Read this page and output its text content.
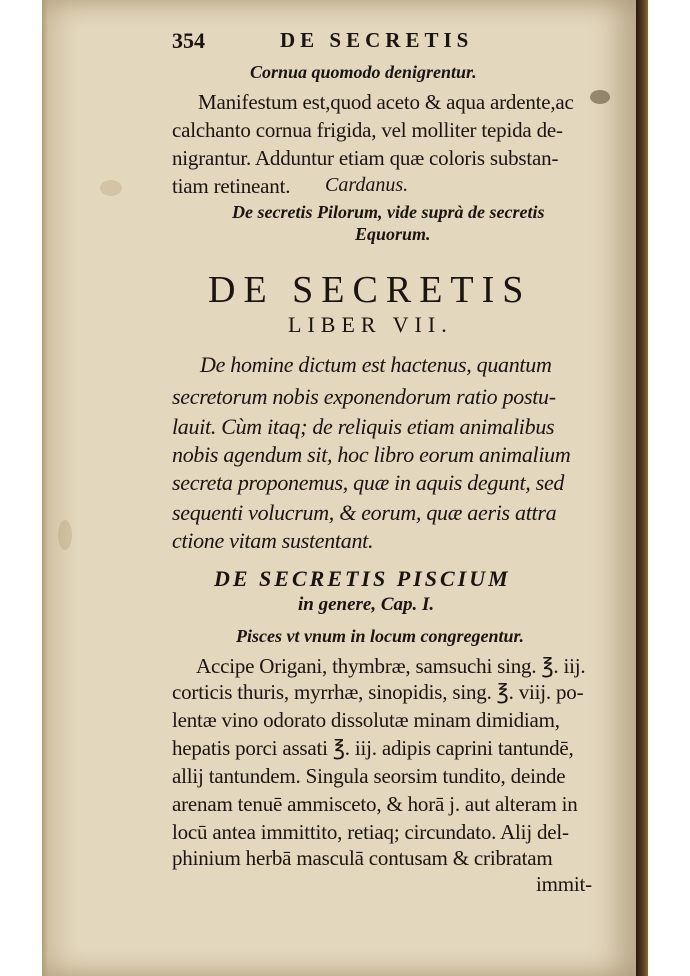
354	DE SECRETIS
Cornua quomodo denigrentur.
Manifestum est,quod aceto & aqua ardente,ac
calchanto cornua frigida, vel molliter tepida de-
nigrantur. Adduntur etiam quæ coloris substan-
tiam retineant. Cardanus.
De secretis Pilorum, vide suprà de secretis
Equorum.
DE SECRETIS
LIBER VII.
De homine dictum est hactenus, quantum
secretorum nobis exponendorum ratio postu-
lauit. Cùm itaq; de reliquis etiam animalibus
nobis agendum sit, hoc libro eorum animalium
secreta proponemus, quæ in aquis degunt, sed
sequenti volucrum, & eorum, quæ aeris attra
ctione vitam sustentant.
DE SECRETIS PISCIUM
in genere, Cap. I.
Pisces vt vnum in locum congregentur.
Accipe Origani, thymbræ, samsuchi sing. ℥. iij.
corticis thuris, myrrhæ, sinopidis, sing. ℥. viij. po-
lentæ vino odorato dissolutæ minam dimidiam,
hepatis porci assati ℥. iij. adipis caprini tantundē,
allij tantundem. Singula seorsim tundito, deinde
arenam tenuē ammisceto, & horā j. aut alteram in
locū antea immittito, retiaq; circundato. Alij del-
phinium herbā masculā contusam & cribratam
immit-
